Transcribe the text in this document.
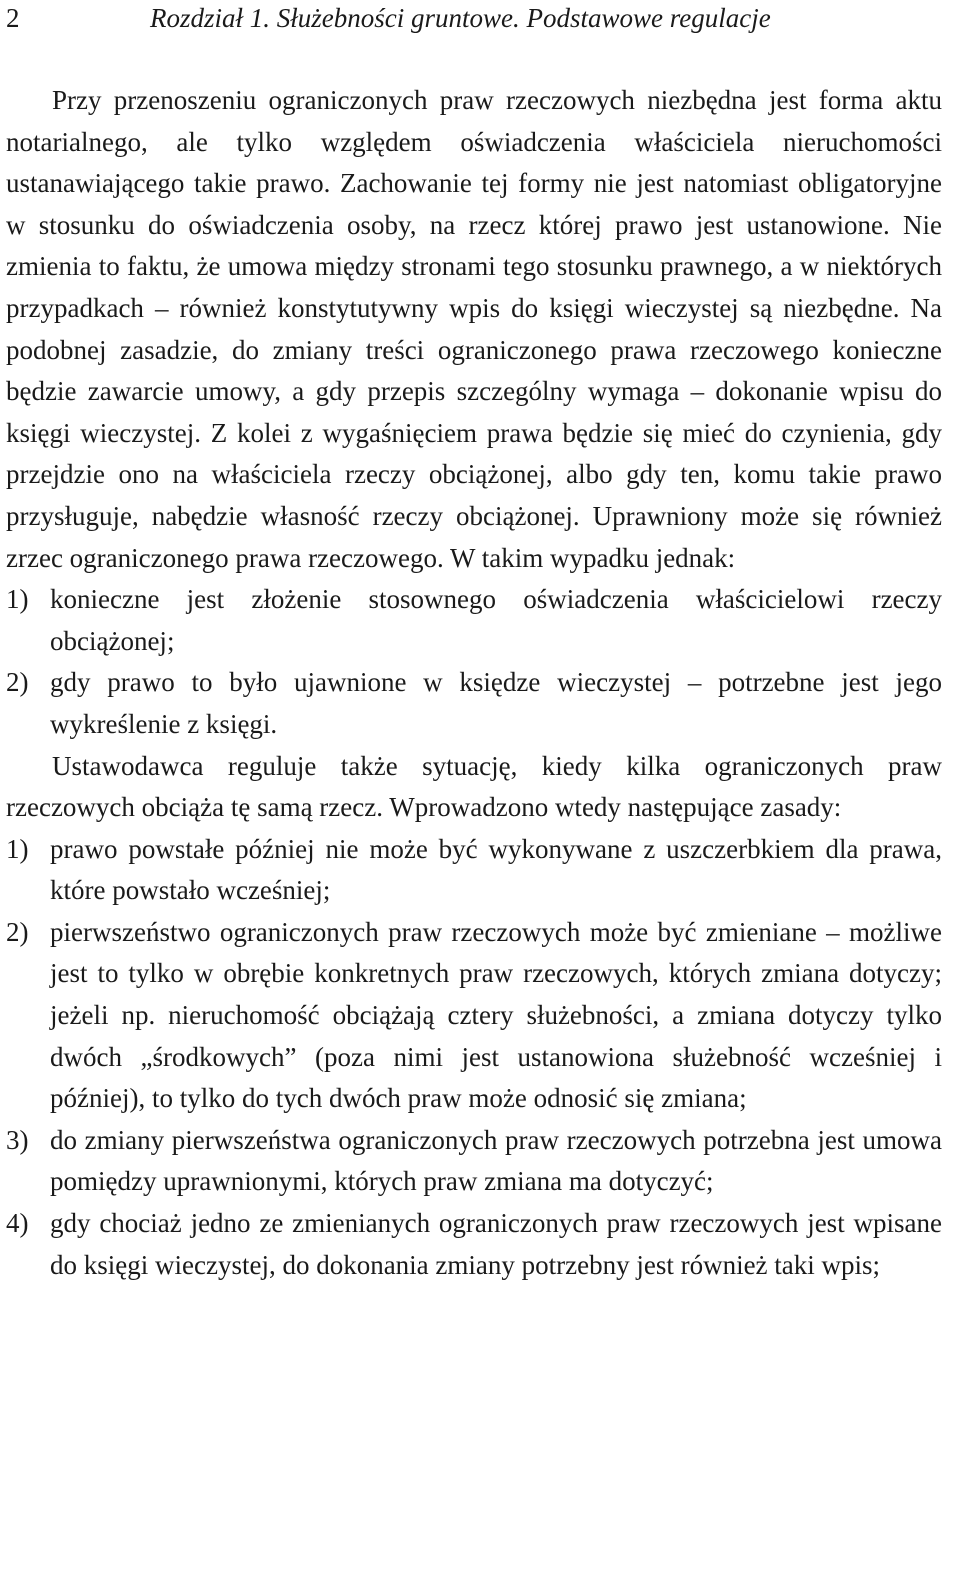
2	Rozdział 1. Służebności gruntowe. Podstawowe regulacje

Przy przenoszeniu ograniczonych praw rzeczowych niezbędna jest forma aktu notarialnego, ale tylko względem oświadczenia właściciela nieruchomości ustanawiającego takie prawo. Zachowanie tej formy nie jest natomiast obligatoryjne w stosunku do oświadczenia osoby, na rzecz której prawo jest ustanowione. Nie zmienia to faktu, że umowa między stronami tego stosunku prawnego, a w niektórych przypadkach – również konstytutywny wpis do księgi wieczystej są niezbędne. Na podobnej zasadzie, do zmiany treści ograniczonego prawa rzeczowego konieczne będzie zawarcie umowy, a gdy przepis szczególny wymaga – dokonanie wpisu do księgi wieczystej. Z kolei z wygaśnięciem prawa będzie się mieć do czynienia, gdy przejdzie ono na właściciela rzeczy obciążonej, albo gdy ten, komu takie prawo przysługuje, nabędzie własność rzeczy obciążonej. Uprawniony może się również zrzec ograniczonego prawa rzeczowego. W takim wypadku jednak:

1) konieczne jest złożenie stosownego oświadczenia właścicielowi rzeczy obciążonej;
2) gdy prawo to było ujawnione w księdze wieczystej – potrzebne jest jego wykreślenie z księgi.

Ustawodawca reguluje także sytuację, kiedy kilka ograniczonych praw rzeczowych obciąża tę samą rzecz. Wprowadzono wtedy następujące zasady:

1) prawo powstałe później nie może być wykonywane z uszczerbkiem dla prawa, które powstało wcześniej;
2) pierwszeństwo ograniczonych praw rzeczowych może być zmieniane – możliwe jest to tylko w obrębie konkretnych praw rzeczowych, których zmiana dotyczy; jeżeli np. nieruchomość obciążają cztery służebności, a zmiana dotyczy tylko dwóch „środkowych” (poza nimi jest ustanowiona służebność wcześniej i później), to tylko do tych dwóch praw może odnosić się zmiana;
3) do zmiany pierwszeństwa ograniczonych praw rzeczowych potrzebna jest umowa pomiędzy uprawnionymi, których praw zmiana ma dotyczyć;
4) gdy chociaż jedno ze zmienianych ograniczonych praw rzeczowych jest wpisane do księgi wieczystej, do dokonania zmiany potrzebny jest również taki wpis;
